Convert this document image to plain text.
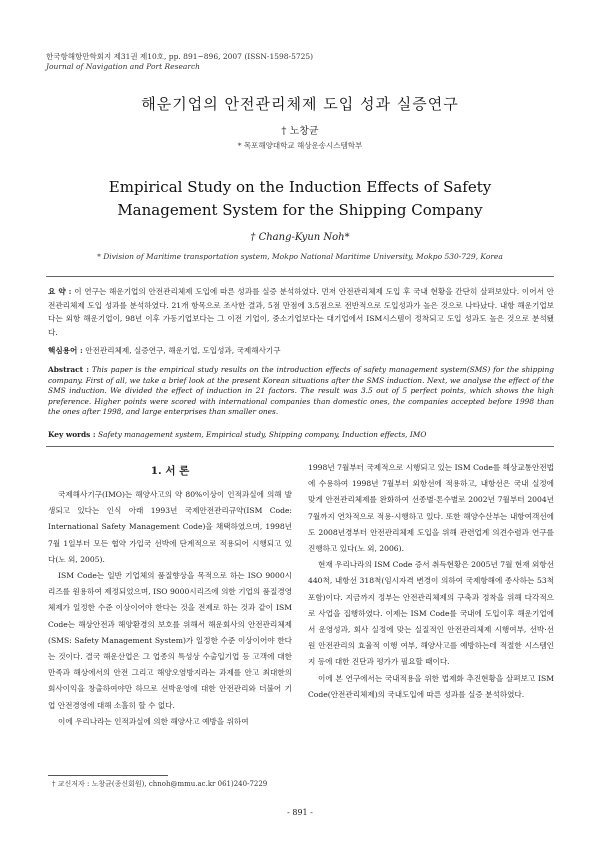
한국항해항만학회지 제31권 제10호, pp. 891~896, 2007 (ISSN-1598-5725)
Journal of Navigation and Port Research
해운기업의 안전관리체제 도입 성과 실증연구
† 노창균
* 목포해양대학교 해상운송시스템학부
Empirical Study on the Induction Effects of Safety Management System for the Shipping Company
† Chang-Kyun Noh*
* Division of Maritime transportation system, Mokpo National Maritime University, Mokpo 530-729, Korea
요 약 : 이 연구는 해운기업의 안전관리체제 도입에 따른 성과를 실증 분석하였다. 먼저 안전관리체제 도입 후 국내 현황을 간단히 살펴보았다. 이어서 안전관리체제 도입 성과를 분석하였다. 21개 항목으로 조사한 결과, 5점 만점에 3.5점으로 전반적으로 도입성과가 높은 것으로 나타났다. 내항 해운기업보다는 외항 해운기업이, 98년 이후 가동기업보다는 그 이전 기업이, 중소기업보다는 대기업에서 ISM시스템이 정착되고 도입 성과도 높은 것으로 분석됐다.
핵심용어 : 안전관리체제, 실증연구, 해운기업, 도입성과, 국제해사기구
Abstract : This paper is the empirical study results on the introduction effects of safety management system(SMS) for the shipping company. First of all, we take a brief look at the present Korean situations after the SMS induction. Next, we analyse the effect of the SMS induction. We divided the effect of induction in 21 factors. The result was 3.5 out of 5 perfect points, which shows the high preference. Higher points were scored with international companies than domestic ones, the companies accepted before 1998 than the ones after 1998, and large enterprises than smaller ones.
Key words : Safety management system, Empirical study, Shipping company, Induction effects, IMO
1. 서 론

국제해사기구(IMO)는 해양사고의 약 80%이상이 인적과실에 의해 발생되고 있다는 인식 아래 1993년 국제안전관리규약(ISM Code: International Safety Management Code)을 채택하였으며, 1998년 7월 1일부터 모든 협약 가입국 선박에 단계적으로 적용되어 시행되고 있다(노 외, 2005).

ISM Code는 일반 기업체의 품질향상을 목적으로 하는 ISO 9000시리즈를 원용하여 제정되었으며, ISO 9000시리즈에 의한 기업의 품질경영체제가 일정한 수준 이상이어야 한다는 것을 전제로 하는 것과 같이 ISM Code는 해상안전과 해양환경의 보호를 위해서 해운회사의 안전관리체제(SMS: Safety Management System)가 일정한 수준 이상이어야 한다는 것이다. 결국 해운산업은 그 업종의 특성상 수출입기업 등 고객에 대한 만족과 해상에서의 안전 그리고 해양오염방지라는 과제를 안고 최대한의 회사이익을 창출하여야만 하므로 선박운영에 대한 안전관리와 더불어 기업 안전경영에 대해 소홀히 할 수 없다.

이에 우리나라는 인적과실에 의한 해양사고 예방을 위하여

1998년 7월부터 국제적으로 시행되고 있는 ISM Code를 해상교통안전법에 수용하여 1998년 7월부터 외항선에 적용하고, 내항선은 국내 실정에 맞게 안전관리체제를 완화하여 선종별·톤수별로 2002년 7월부터 2004년 7월까지 연차적으로 적용·시행하고 있다. 또한 해양수산부는 내항여객선에도 2008년경부터 안전관리체제 도입을 위해 관련업계 의견수렴과 연구를 진행하고 있다(노 외, 2006).

현재 우리나라의 ISM Code 증서 취득현황은 2005년 7월 현재 외항선 440척, 내항선 318척(임시자격 변경이 의하여 국제항해에 종사하는 53척 포함)이다. 지금까지 정부는 안전관리체제의 구축과 정착을 위해 다각적으로 사업을 집행하였다. 이제는 ISM Code를 국내에 도입이후 해운기업에서 운영성과, 회사 실정에 맞는 실질적인 안전관리체제 시행여부, 선박·선원 안전관리의 효율적 이행 여부, 해양사고를 예방하는데 적절한 시스템인지 등에 대한 진단과 평가가 필요할 때이다.

이에 본 연구에서는 국내적용을 위한 법제화 추진현황을 살펴보고 ISM Code(안전관리체제)의 국내도입에 따른 성과를 실증 분석하였다.

† 교신저자 : 노창균(종신회원), chnoh@mmu.ac.kr 061)240-7229
- 891 -
